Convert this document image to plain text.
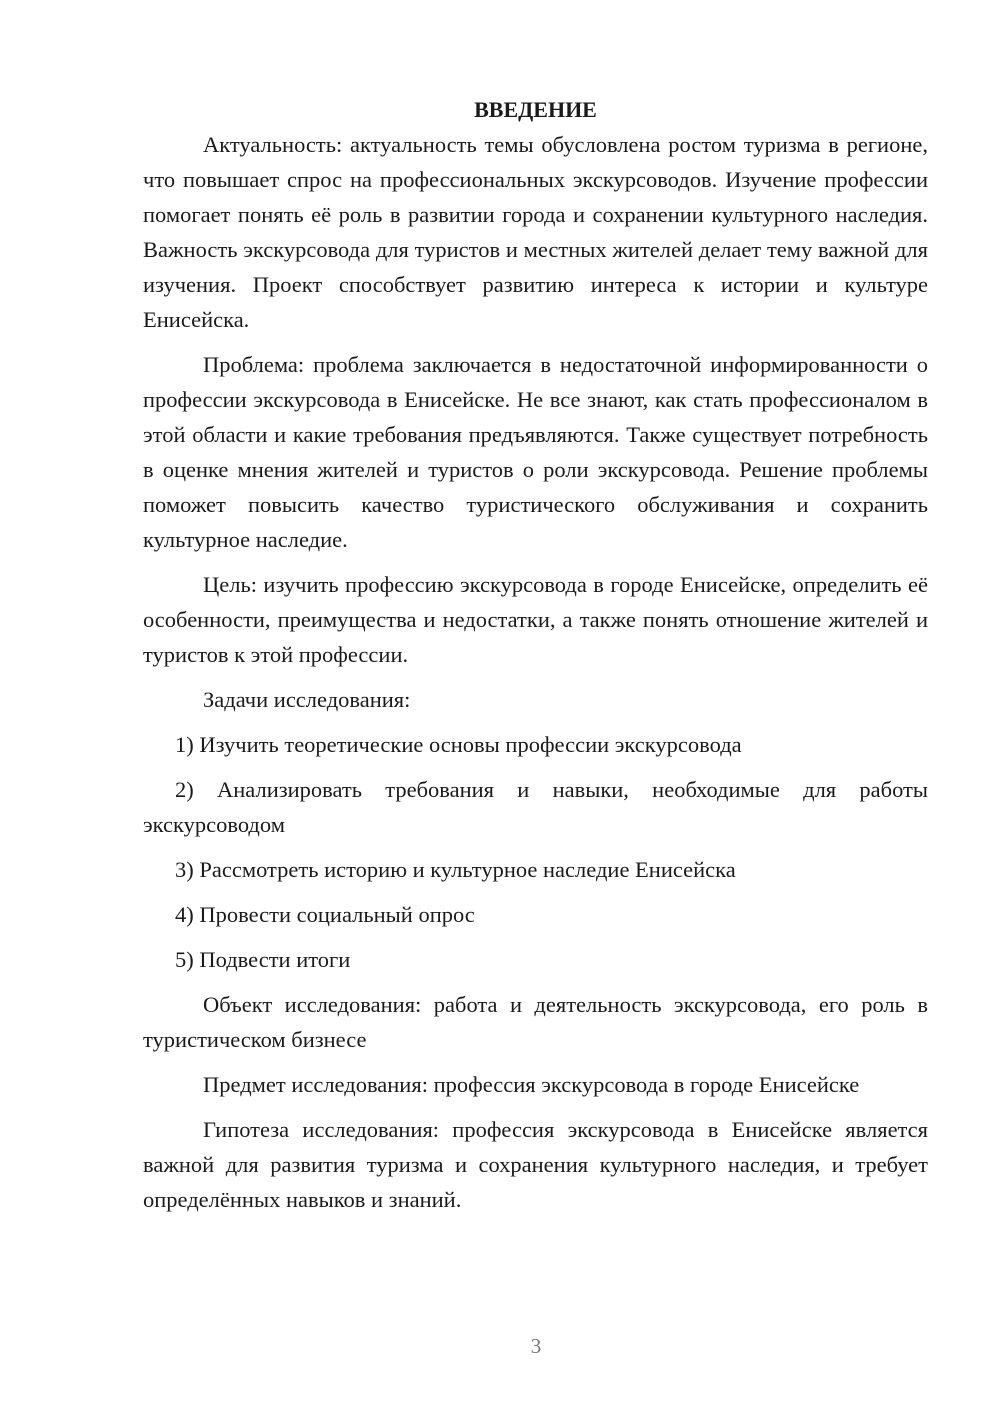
ВВЕДЕНИЕ

Актуальность: актуальность темы обусловлена ростом туризма в регионе, что повышает спрос на профессиональных экскурсоводов. Изучение профессии помогает понять её роль в развитии города и сохранении культурного наследия. Важность экскурсовода для туристов и местных жителей делает тему важной для изучения. Проект способствует развитию интереса к истории и культуре Енисейска.

Проблема: проблема заключается в недостаточной информированности о профессии экскурсовода в Енисейске. Не все знают, как стать профессионалом в этой области и какие требования предъявляются. Также существует потребность в оценке мнения жителей и туристов о роли экскурсовода. Решение проблемы поможет повысить качество туристического обслуживания и сохранить культурное наследие.

Цель: изучить профессию экскурсовода в городе Енисейске, определить её особенности, преимущества и недостатки, а также понять отношение жителей и туристов к этой профессии.

Задачи исследования:

1) Изучить теоретические основы профессии экскурсовода

2) Анализировать требования и навыки, необходимые для работы экскурсоводом

3) Рассмотреть историю и культурное наследие Енисейска

4) Провести социальный опрос

5) Подвести итоги

Объект исследования: работа и деятельность экскурсовода, его роль в туристическом бизнесе

Предмет исследования: профессия экскурсовода в городе Енисейске

Гипотеза исследования: профессия экскурсовода в Енисейске является важной для развития туризма и сохранения культурного наследия, и требует определённых навыков и знаний.

3
